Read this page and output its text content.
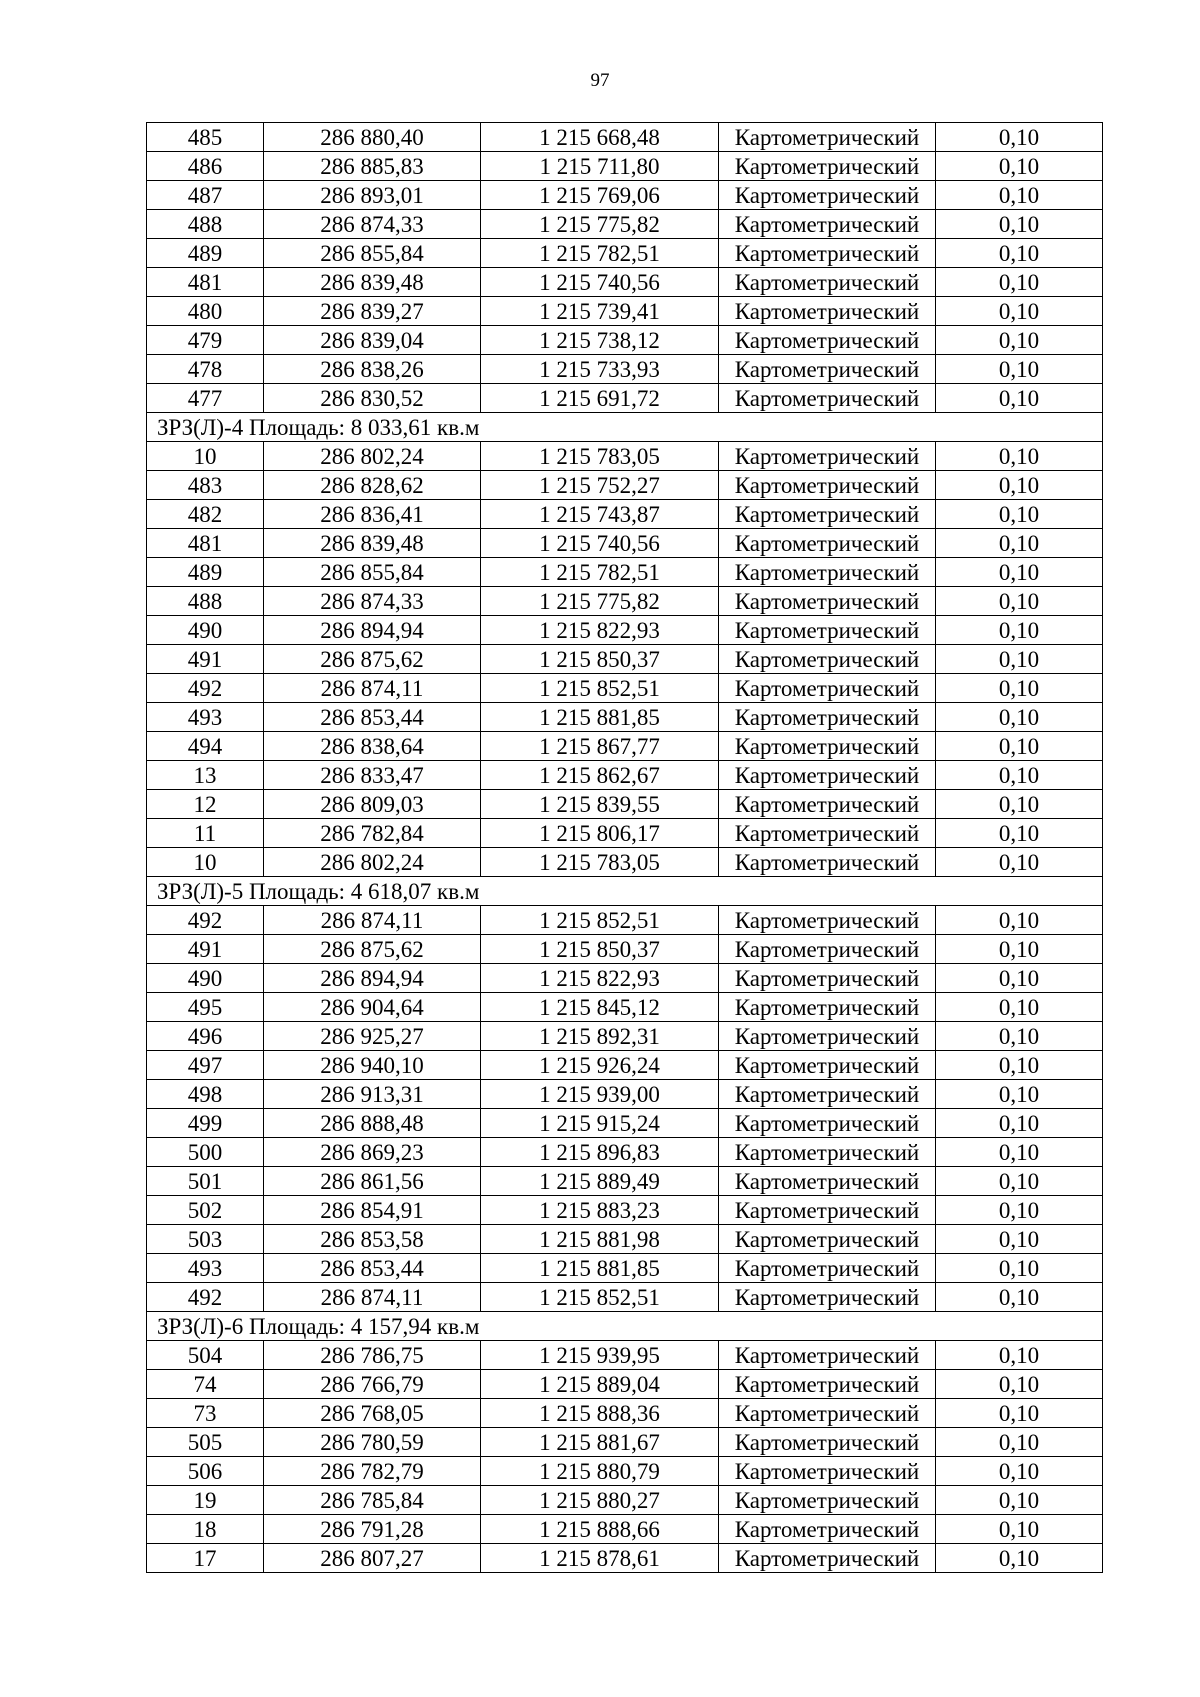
97
485	286 880,40	1 215 668,48	Картометрический	0,10
486	286 885,83	1 215 711,80	Картометрический	0,10
487	286 893,01	1 215 769,06	Картометрический	0,10
488	286 874,33	1 215 775,82	Картометрический	0,10
489	286 855,84	1 215 782,51	Картометрический	0,10
481	286 839,48	1 215 740,56	Картометрический	0,10
480	286 839,27	1 215 739,41	Картометрический	0,10
479	286 839,04	1 215 738,12	Картометрический	0,10
478	286 838,26	1 215 733,93	Картометрический	0,10
477	286 830,52	1 215 691,72	Картометрический	0,10
ЗРЗ(Л)-4 Площадь: 8 033,61 кв.м				
10	286 802,24	1 215 783,05	Картометрический	0,10
483	286 828,62	1 215 752,27	Картометрический	0,10
482	286 836,41	1 215 743,87	Картометрический	0,10
481	286 839,48	1 215 740,56	Картометрический	0,10
489	286 855,84	1 215 782,51	Картометрический	0,10
488	286 874,33	1 215 775,82	Картометрический	0,10
490	286 894,94	1 215 822,93	Картометрический	0,10
491	286 875,62	1 215 850,37	Картометрический	0,10
492	286 874,11	1 215 852,51	Картометрический	0,10
493	286 853,44	1 215 881,85	Картометрический	0,10
494	286 838,64	1 215 867,77	Картометрический	0,10
13	286 833,47	1 215 862,67	Картометрический	0,10
12	286 809,03	1 215 839,55	Картометрический	0,10
11	286 782,84	1 215 806,17	Картометрический	0,10
10	286 802,24	1 215 783,05	Картометрический	0,10
ЗРЗ(Л)-5 Площадь: 4 618,07 кв.м				
492	286 874,11	1 215 852,51	Картометрический	0,10
491	286 875,62	1 215 850,37	Картометрический	0,10
490	286 894,94	1 215 822,93	Картометрический	0,10
495	286 904,64	1 215 845,12	Картометрический	0,10
496	286 925,27	1 215 892,31	Картометрический	0,10
497	286 940,10	1 215 926,24	Картометрический	0,10
498	286 913,31	1 215 939,00	Картометрический	0,10
499	286 888,48	1 215 915,24	Картометрический	0,10
500	286 869,23	1 215 896,83	Картометрический	0,10
501	286 861,56	1 215 889,49	Картометрический	0,10
502	286 854,91	1 215 883,23	Картометрический	0,10
503	286 853,58	1 215 881,98	Картометрический	0,10
493	286 853,44	1 215 881,85	Картометрический	0,10
492	286 874,11	1 215 852,51	Картометрический	0,10
ЗРЗ(Л)-6 Площадь: 4 157,94 кв.м				
504	286 786,75	1 215 939,95	Картометрический	0,10
74	286 766,79	1 215 889,04	Картометрический	0,10
73	286 768,05	1 215 888,36	Картометрический	0,10
505	286 780,59	1 215 881,67	Картометрический	0,10
506	286 782,79	1 215 880,79	Картометрический	0,10
19	286 785,84	1 215 880,27	Картометрический	0,10
18	286 791,28	1 215 888,66	Картометрический	0,10
17	286 807,27	1 215 878,61	Картометрический	0,10
